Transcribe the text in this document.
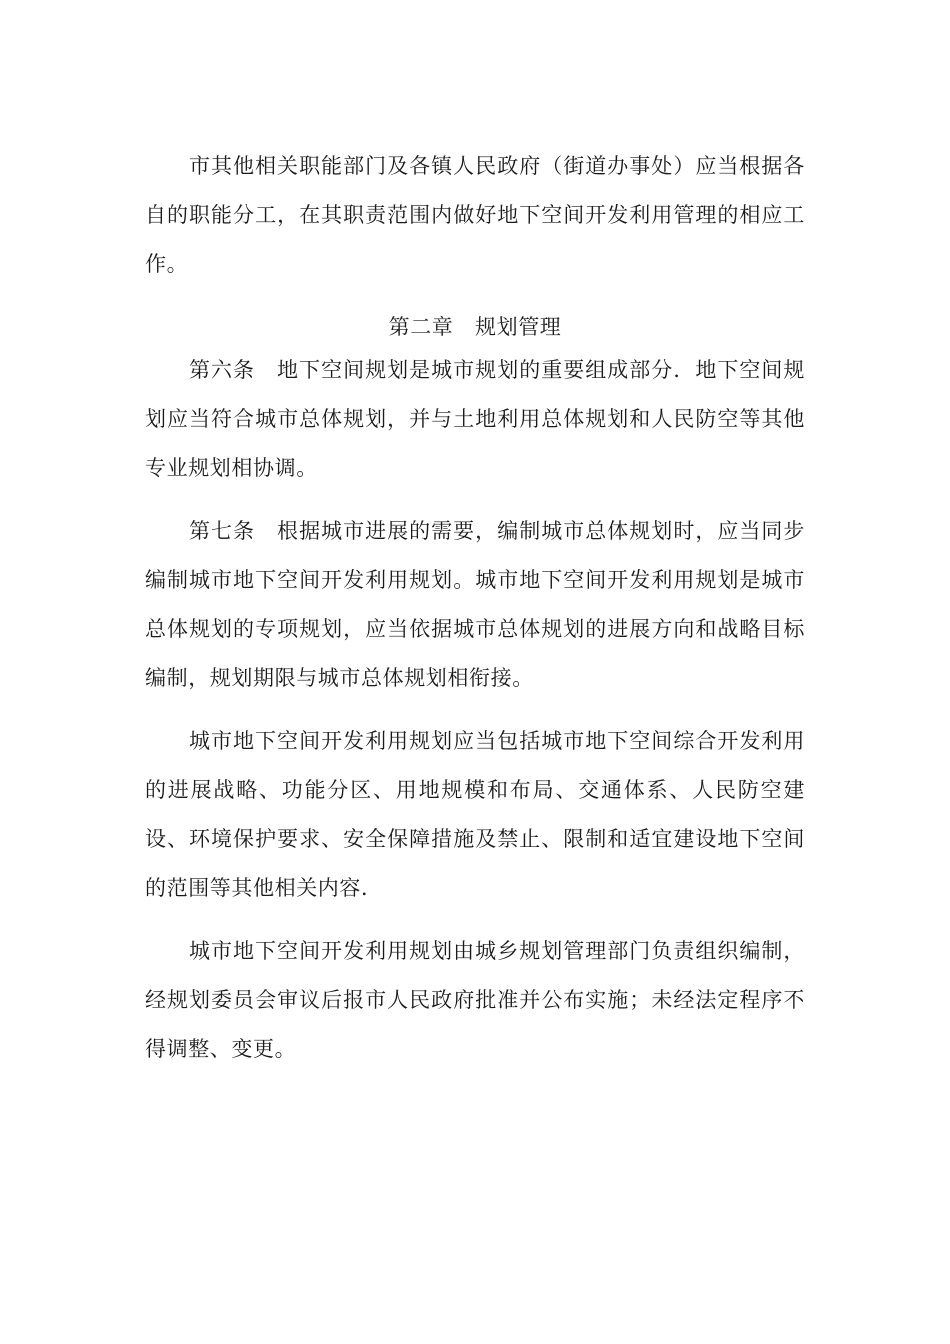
市其他相关职能部门及各镇人民政府（街道办事处）应当根据各自的职能分工，在其职责范围内做好地下空间开发利用管理的相应工作。

第二章　规划管理

第六条　地下空间规划是城市规划的重要组成部分．地下空间规划应当符合城市总体规划，并与土地利用总体规划和人民防空等其他专业规划相协调。

第七条　根据城市进展的需要，编制城市总体规划时，应当同步编制城市地下空间开发利用规划。城市地下空间开发利用规划是城市总体规划的专项规划，应当依据城市总体规划的进展方向和战略目标编制，规划期限与城市总体规划相衔接。

城市地下空间开发利用规划应当包括城市地下空间综合开发利用的进展战略、功能分区、用地规模和布局、交通体系、人民防空建设、环境保护要求、安全保障措施及禁止、限制和适宜建设地下空间的范围等其他相关内容．

城市地下空间开发利用规划由城乡规划管理部门负责组织编制，经规划委员会审议后报市人民政府批准并公布实施；未经法定程序不得调整、变更。
